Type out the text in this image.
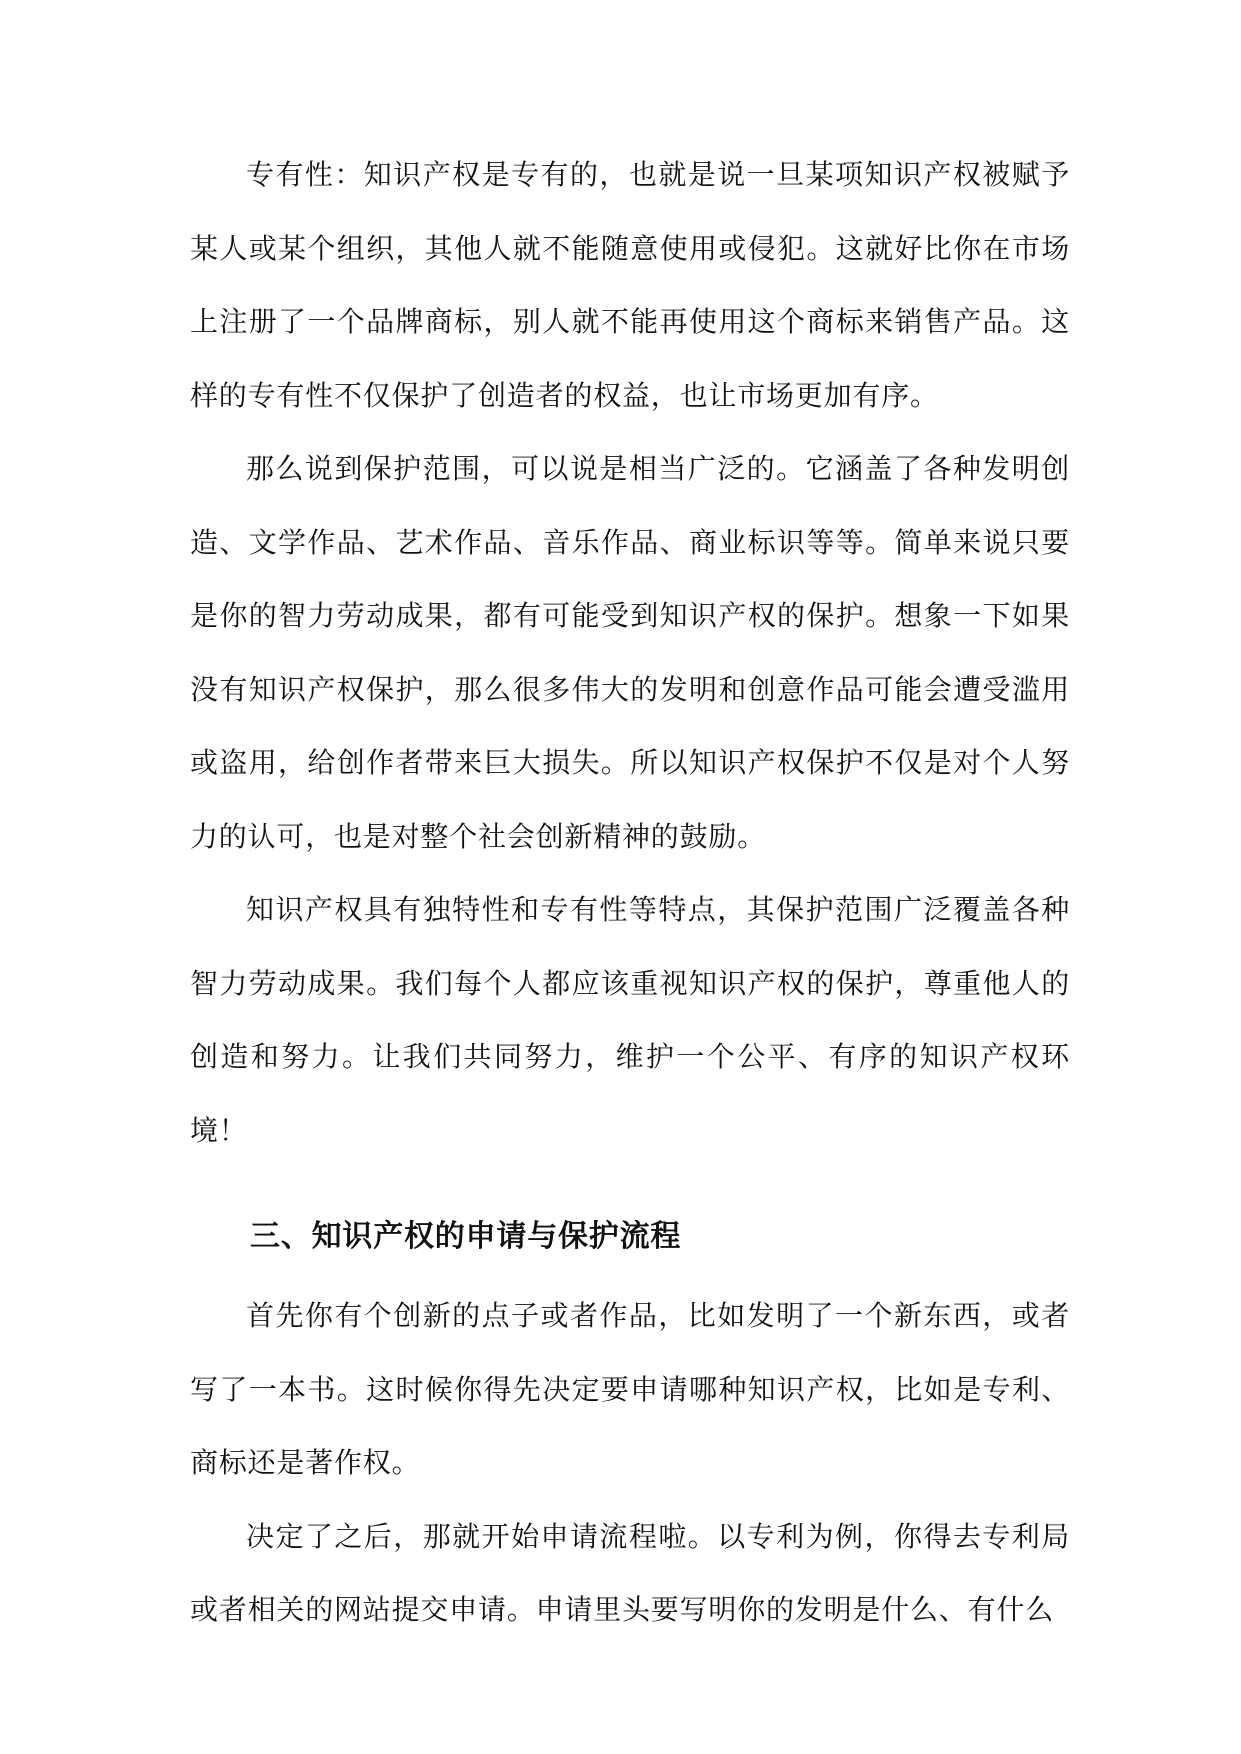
专有性：知识产权是专有的，也就是说一旦某项知识产权被赋予某人或某个组织，其他人就不能随意使用或侵犯。这就好比你在市场上注册了一个品牌商标，别人就不能再使用这个商标来销售产品。这样的专有性不仅保护了创造者的权益，也让市场更加有序。

那么说到保护范围，可以说是相当广泛的。它涵盖了各种发明创造、文学作品、艺术作品、音乐作品、商业标识等等。简单来说只要是你的智力劳动成果，都有可能受到知识产权的保护。想象一下如果没有知识产权保护，那么很多伟大的发明和创意作品可能会遭受滥用或盗用，给创作者带来巨大损失。所以知识产权保护不仅是对个人努力的认可，也是对整个社会创新精神的鼓励。

知识产权具有独特性和专有性等特点，其保护范围广泛覆盖各种智力劳动成果。我们每个人都应该重视知识产权的保护，尊重他人的创造和努力。让我们共同努力，维护一个公平、有序的知识产权环境！

三、知识产权的申请与保护流程

首先你有个创新的点子或者作品，比如发明了一个新东西，或者写了一本书。这时候你得先决定要申请哪种知识产权，比如是专利、商标还是著作权。

决定了之后，那就开始申请流程啦。以专利为例，你得去专利局或者相关的网站提交申请。申请里头要写明你的发明是什么、有什么
